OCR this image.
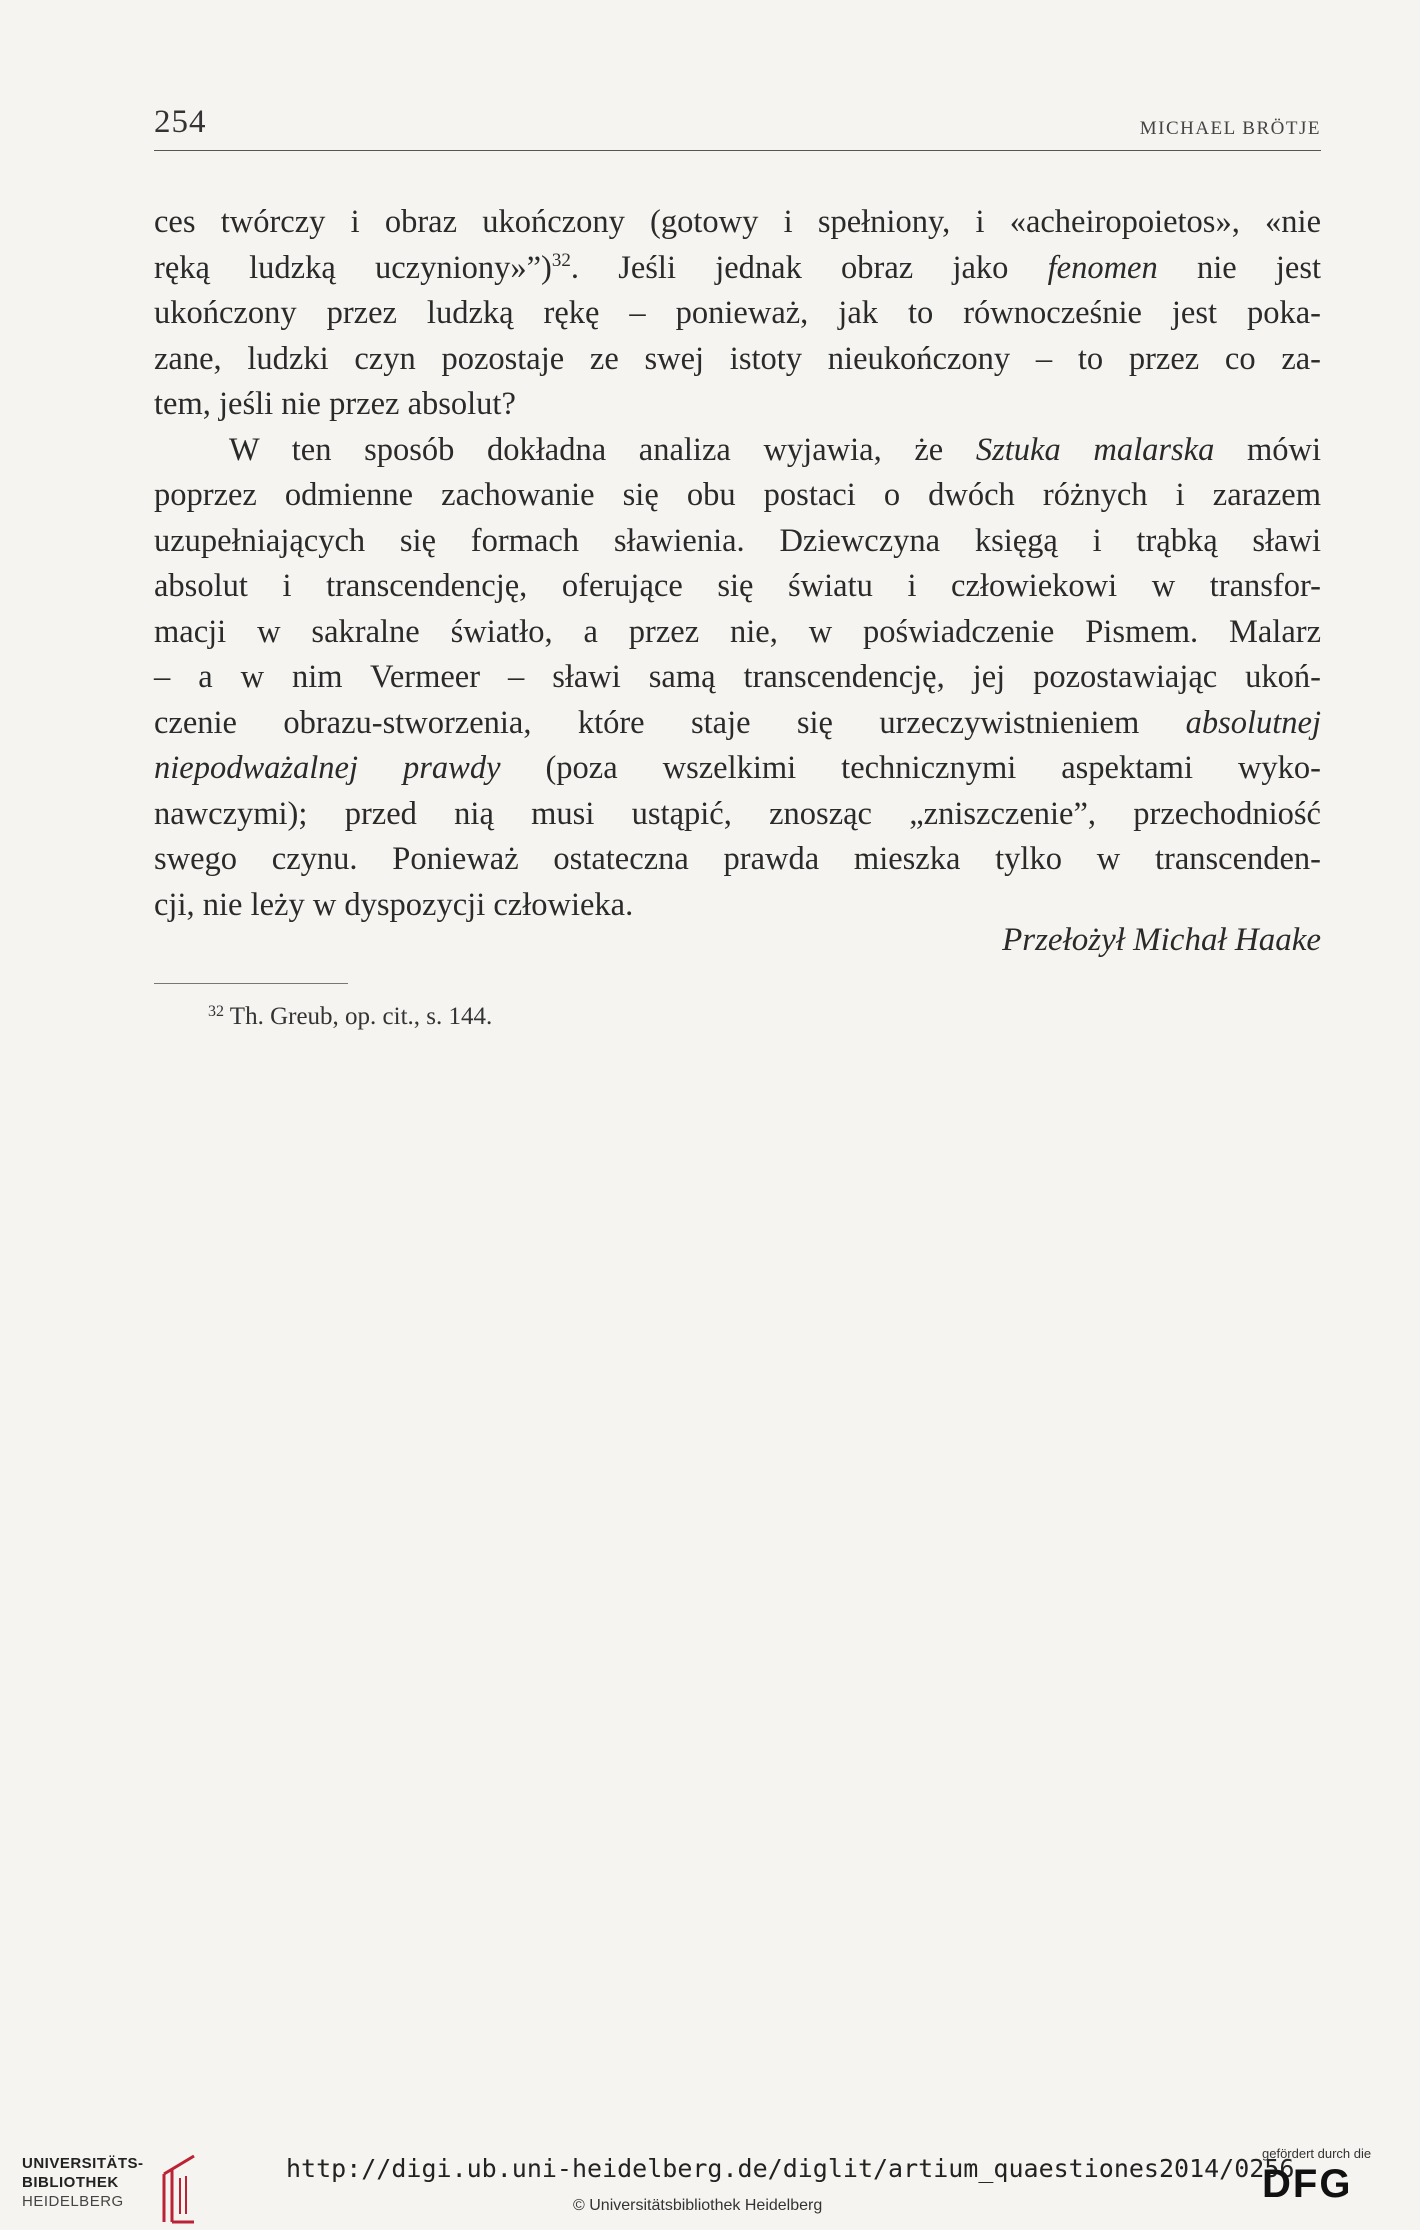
254	MICHAEL BRÖTJE
ces twórczy i obraz ukończony (gotowy i spełniony, i «acheiropoietos», «nie
ręką ludzką uczyniony»”)$^{32}$. Jeśli jednak obraz jako fenomen nie jest
ukończony przez ludzką rękę – ponieważ, jak to równocześnie jest poka-
zane, ludzki czyn pozostaje ze swej istoty nieukończony – to przez co za-
tem, jeśli nie przez absolut?
W ten sposób dokładna analiza wyjawia, że Sztuka malarska mówi
poprzez odmienne zachowanie się obu postaci o dwóch różnych i zarazem
uzupełniających się formach sławienia. Dziewczyna księgą i trąbką sławi
absolut i transcendencję, oferujące się światu i człowiekowi w transfor-
macji w sakralne światło, a przez nie, w poświadczenie Pismem. Malarz
– a w nim Vermeer – sławi samą transcendencję, jej pozostawiając ukoń-
czenie obrazu-stworzenia, które staje się urzeczywistnieniem absolutnej
niepodważalnej prawdy (poza wszelkimi technicznymi aspektami wyko-
nawczymi); przed nią musi ustąpić, znosząc „zniszczenie”, przechodniość
swego czynu. Ponieważ ostateczna prawda mieszka tylko w transcenden-
cji, nie leży w dyspozycji człowieka.
Przełożył Michał Haake
$^{32}$ Th. Greub, op. cit., s. 144.
UNIVERSITÄTS-
BIBLIOTHEK
HEIDELBERG
http://digi.ub.uni-heidelberg.de/diglit/artium_quaestiones2014/0256
© Universitätsbibliothek Heidelberg
gefördert durch die
DFG
